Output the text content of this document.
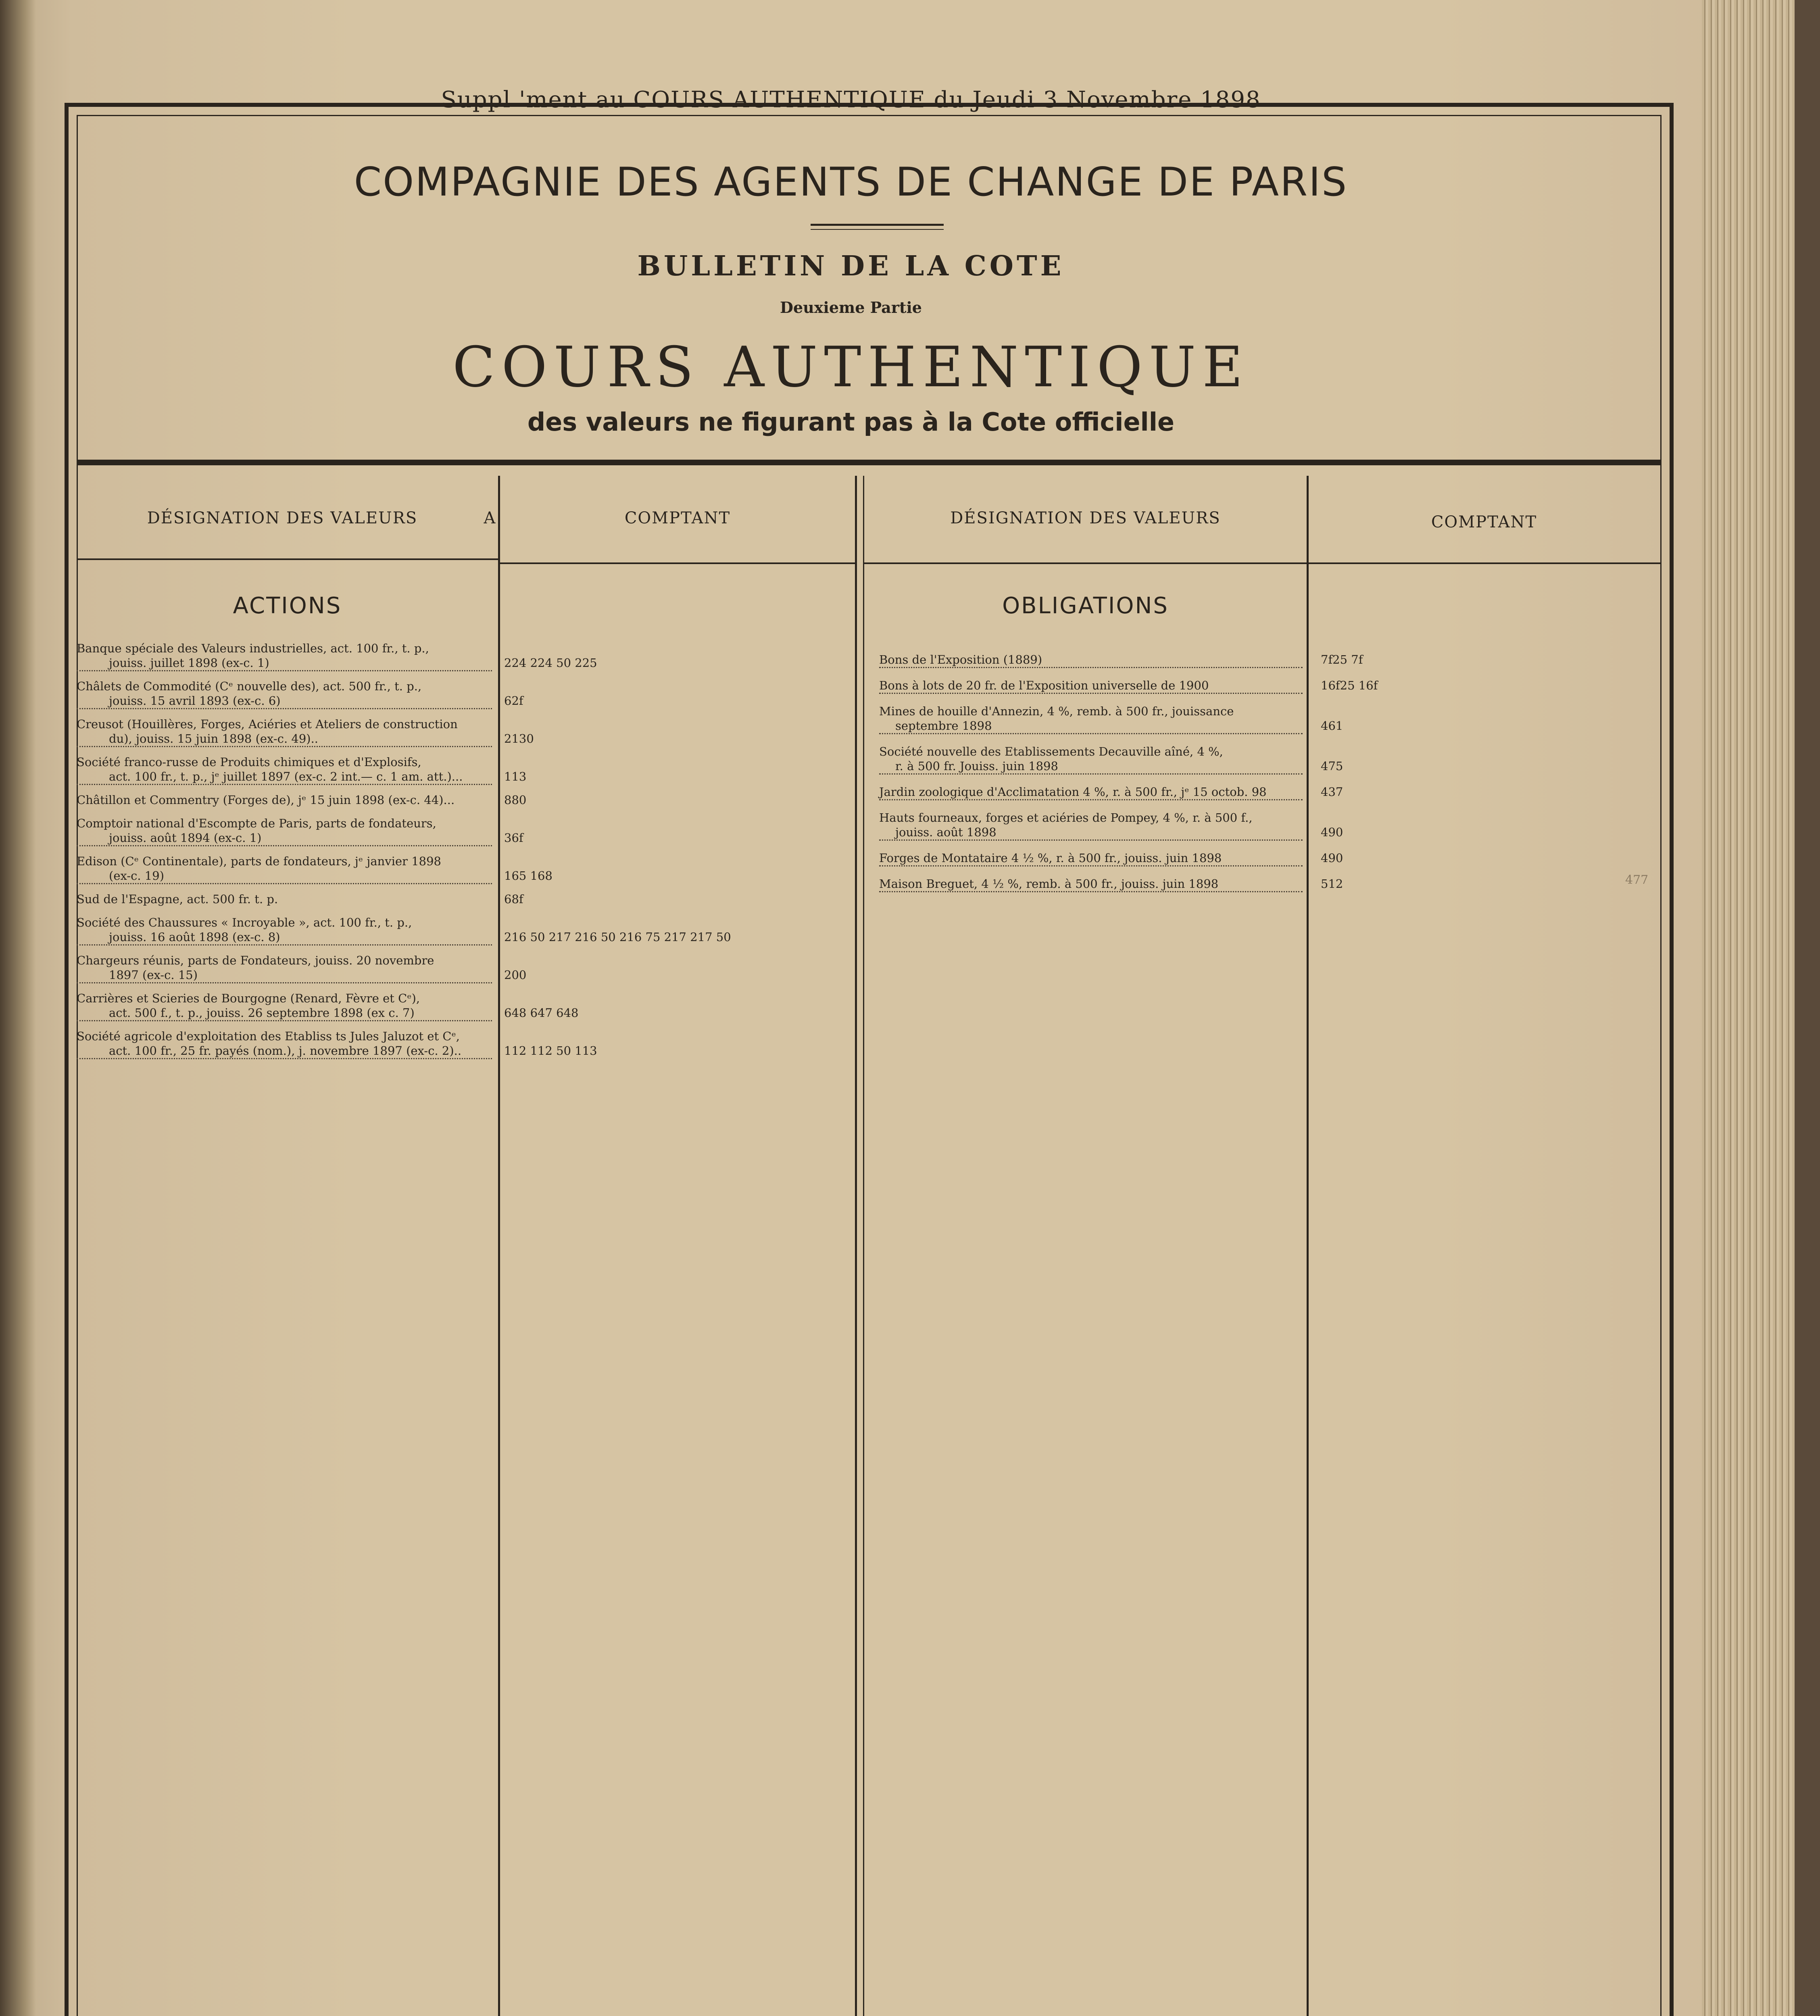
Suppl 'ment au COURS AUTHENTIQUE du Jeudi 3 Novembre 1898
COMPAGNIE DES AGENTS DE CHANGE DE PARIS
BULLETIN DE LA COTE
Deuxieme Partie
COURS AUTHENTIQUE
des valeurs ne figurant pas à la Cote officielle
DÉSIGNATION DES VALEURS	A	COMPTANT	DÉSIGNATION DES VALEURS	COMPTANT
ACTIONS	OBLIGATIONS
Banque spéciale des Valeurs industrielles, act. 100 fr., t. p.,
jouiss. juillet 1898 (ex-c. 1)	224 224 50 225
Châlets de Commodité (Cᵉ nouvelle des), act. 500 fr., t. p.,
jouiss. 15 avril 1893 (ex-c. 6)	62f
Creusot (Houillères, Forges, Aciéries et Ateliers de construction
du), jouiss. 15 juin 1898 (ex-c. 49)..	2130
Société franco-russe de Produits chimiques et d'Explosifs,
act. 100 fr., t. p., jᵉ juillet 1897 (ex-c. 2 int.— c. 1 am. att.)...	113
Châtillon et Commentry (Forges de), jᵉ 15 juin 1898 (ex-c. 44)...	880
Comptoir national d'Escompte de Paris, parts de fondateurs,
jouiss. août 1894 (ex-c. 1)	36f
Edison (Cᵉ Continentale), parts de fondateurs, jᵉ janvier 1898
(ex-c. 19)	165 168
Sud de l'Espagne, act. 500 fr. t. p.	68f
Société des Chaussures « Incroyable », act. 100 fr., t. p.,
jouiss. 16 août 1898 (ex-c. 8)	216 50 217 216 50 216 75 217 217 50
Chargeurs réunis, parts de Fondateurs, jouiss. 20 novembre
1897 (ex-c. 15)	200
Carrières et Scieries de Bourgogne (Renard, Fèvre et Cᵉ),
act. 500 f., t. p., jouiss. 26 septembre 1898 (ex c. 7)	648 647 648
Société agricole d'exploitation des Etabliss ts Jules Jaluzot et Cᵉ,
act. 100 fr., 25 fr. payés (nom.), j. novembre 1897 (ex-c. 2)..	112 112 50 113
Bons de l'Exposition (1889)	7f25 7f
Bons à lots de 20 fr. de l'Exposition universelle de 1900	16f25 16f
Mines de houille d'Annezin, 4 %, remb. à 500 fr., jouissance
septembre 1898	461
Société nouvelle des Etablissements Decauville aîné, 4 %,
r. à 500 fr. Jouiss. juin 1898	475
Jardin zoologique d'Acclimatation 4 %, r. à 500 fr., jᵉ 15 octob. 98	437
Hauts fourneaux, forges et aciéries de Pompey, 4 %, r. à 500 f.,
jouiss. août 1898	490
Forges de Montataire 4 ½ %, r. à 500 fr., jouiss. juin 1898	490
Maison Breguet, 4 ½ %, remb. à 500 fr., jouiss. juin 1898	512	477
